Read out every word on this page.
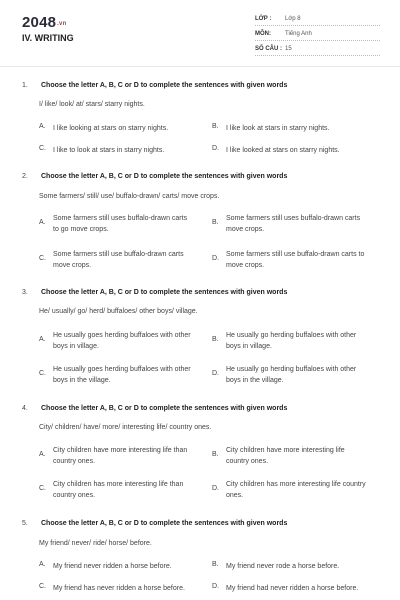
2048.vn
IV. WRITING
LỚP : Lớp 8
MÔN: Tiếng Anh
SỐ CÂU : 15
1. Choose the letter A, B, C or D to complete the sentences with given words
I/ like/ look/ at/ stars/ starry nights.
A. I like looking at stars on starry nights.	B. I like look at stars in starry nights.
C. I like to look at stars in starry nights.	D. I like looked at stars on starry nights.
2. Choose the letter A, B, C or D to complete the sentences with given words
Some farmers/ still/ use/ buffalo-drawn/ carts/ move crops.
A.
Some farmers still uses buffalo-drawn carts to go move crops.
B.
Some farmers still uses buffalo-drawn carts move crops.
C.
Some farmers still use buffalo-drawn carts move crops.
D.
Some farmers still use buffalo-drawn carts to move crops.
3. Choose the letter A, B, C or D to complete the sentences with given words
He/ usually/ go/ herd/ buffaloes/ other boys/ village.
A.
He usually goes herding buffaloes with other boys in village.
B.
He usually go herding buffaloes with other boys in village.
C.
He usually goes herding buffaloes with other boys in the village.
D.
He usually go herding buffaloes with other boys in the village.
4. Choose the letter A, B, C or D to complete the sentences with given words
City/ children/ have/ more/ interesting life/ country ones.
A.
City children have more interesting life than country ones.
B.
City children have more interesting life country ones.
C.
City children has more interesting life than country ones.
D.
City children has more interesting life country ones.
5. Choose the letter A, B, C or D to complete the sentences with given words
My friend/ never/ ride/ horse/ before.
A. My friend never ridden a horse before.	B. My friend never rode a horse before.
C. My friend has never ridden a horse before.	D. My friend had never ridden a horse before.
